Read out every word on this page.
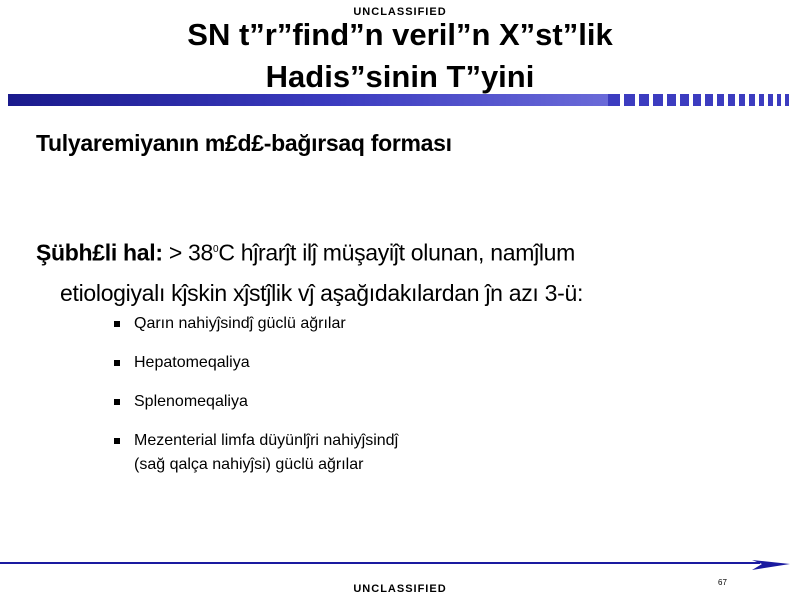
UNCLASSIFIED
SN t”r”find”n veril”n X”st”lik
Hadis”sinin T”yini
Tulyaremiyanın m£d£-bağırsaq forması
Şübh£li hal: > $38^0C$ hĵrarĵt ilĵ müşayiĵt olunan, namĵlum
etiologiyalı kĵskin xĵstĵlik vĵ aşağıdakılardan ĵn azı 3-ü:
Qarın nahiyĵsindĵ güclü ağrılar
Hepatomeqaliya
Splenomeqaliya
Mezenterial limfa düyünlĵri nahiyĵsindĵ
(sağ qalça nahiyĵsi) güclü ağrılar
UNCLASSIFIED
67
